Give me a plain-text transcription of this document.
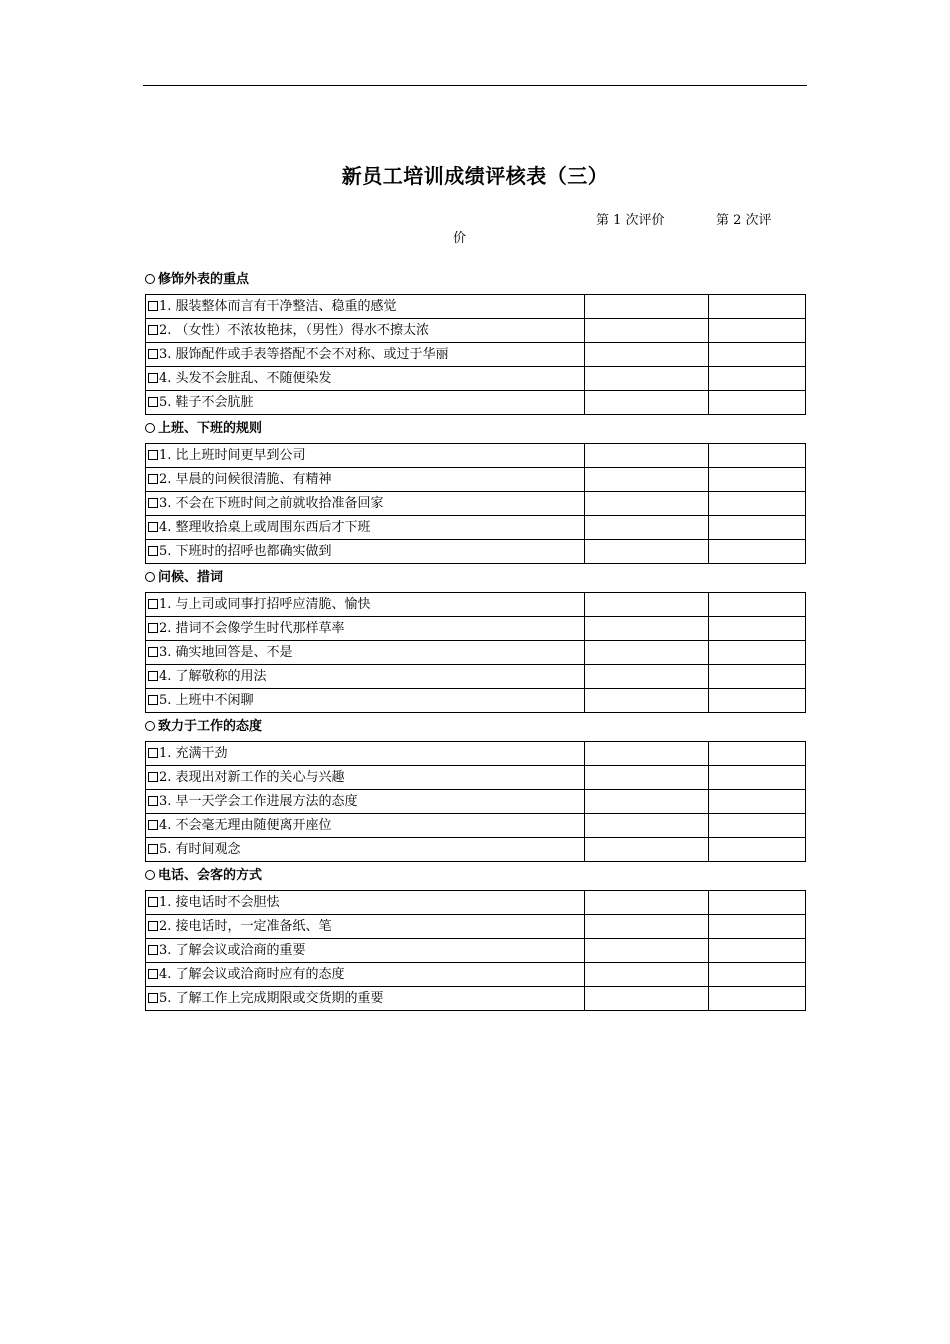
新员工培训成绩评核表（三）
第 1 次评价	第 2 次评
价
修饰外表的重点
1. 服装整体而言有干净整洁、稳重的感觉		
2. （女性）不浓妆艳抹，（男性）得水不擦太浓		
3. 服饰配件或手表等搭配不会不对称、或过于华丽		
4. 头发不会脏乱、不随便染发		
5. 鞋子不会肮脏		
上班、下班的规则
1. 比上班时间更早到公司		
2. 早晨的问候很清脆、有精神		
3. 不会在下班时间之前就收拾准备回家		
4. 整理收拾桌上或周围东西后才下班		
5. 下班时的招呼也都确实做到		
问候、措词
1. 与上司或同事打招呼应清脆、愉快		
2. 措词不会像学生时代那样草率		
3. 确实地回答是、不是		
4. 了解敬称的用法		
5. 上班中不闲聊		
致力于工作的态度
1. 充满干劲		
2. 表现出对新工作的关心与兴趣		
3. 早一天学会工作进展方法的态度		
4. 不会毫无理由随便离开座位		
5. 有时间观念		
电话、会客的方式
1. 接电话时不会胆怯		
2. 接电话时，一定准备纸、笔		
3. 了解会议或洽商的重要		
4. 了解会议或洽商时应有的态度		
5. 了解工作上完成期限或交货期的重要		
